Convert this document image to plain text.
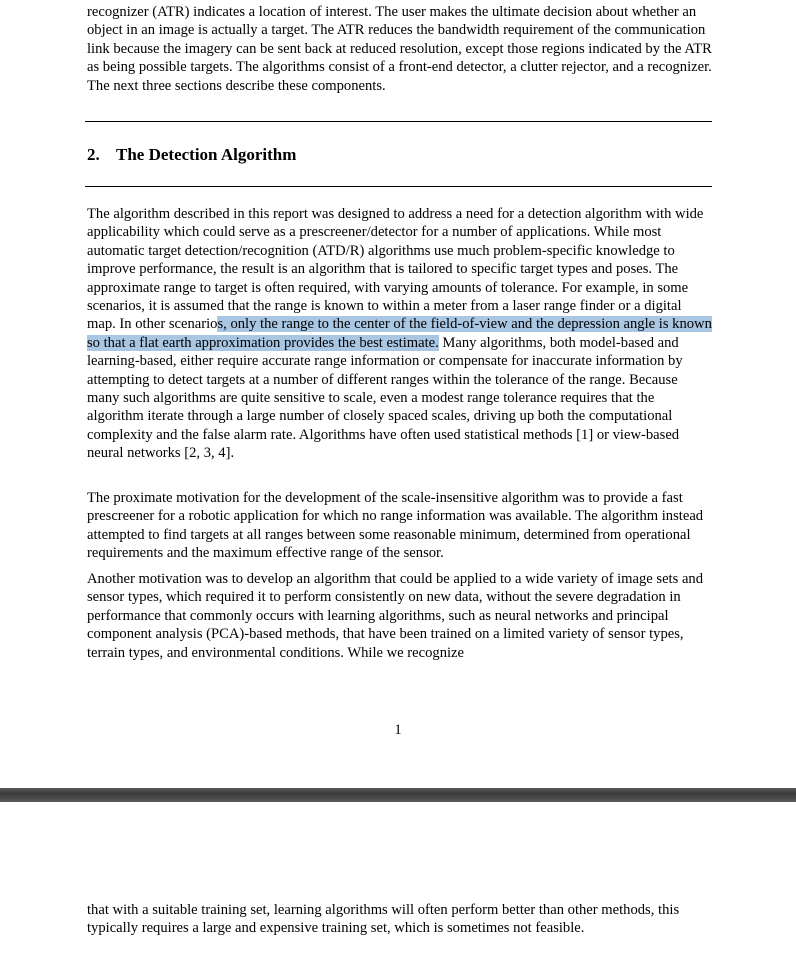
recognizer (ATR) indicates a location of interest. The user makes the ultimate decision about whether an object in an image is actually a target. The ATR reduces the bandwidth requirement of the communication link because the imagery can be sent back at reduced resolution, except those regions indicated by the ATR as being possible targets. The algorithms consist of a front-end detector, a clutter rejector, and a recognizer. The next three sections describe these components.

2. The Detection Algorithm

The algorithm described in this report was designed to address a need for a detection algorithm with wide applicability which could serve as a prescreener/detector for a number of applications. While most automatic target detection/recognition (ATD/R) algorithms use much problem-specific knowledge to improve performance, the result is an algorithm that is tailored to specific target types and poses. The approximate range to target is often required, with varying amounts of tolerance. For example, in some scenarios, it is assumed that the range is known to within a meter from a laser range finder or a digital map. In other scenarios, only the range to the center of the field-of-view and the depression angle is known so that a flat earth approximation provides the best estimate. Many algorithms, both model-based and learning-based, either require accurate range information or compensate for inaccurate information by attempting to detect targets at a number of different ranges within the tolerance of the range. Because many such algorithms are quite sensitive to scale, even a modest range tolerance requires that the algorithm iterate through a large number of closely spaced scales, driving up both the computational complexity and the false alarm rate. Algorithms have often used statistical methods [1] or view-based neural networks [2, 3, 4].

The proximate motivation for the development of the scale-insensitive algorithm was to provide a fast prescreener for a robotic application for which no range information was available. The algorithm instead attempted to find targets at all ranges between some reasonable minimum, determined from operational requirements and the maximum effective range of the sensor.

Another motivation was to develop an algorithm that could be applied to a wide variety of image sets and sensor types, which required it to perform consistently on new data, without the severe degradation in performance that commonly occurs with learning algorithms, such as neural networks and principal component analysis (PCA)-based methods, that have been trained on a limited variety of sensor types, terrain types, and environmental conditions. While we recognize

1

that with a suitable training set, learning algorithms will often perform better than other methods, this typically requires a large and expensive training set, which is sometimes not feasible.
